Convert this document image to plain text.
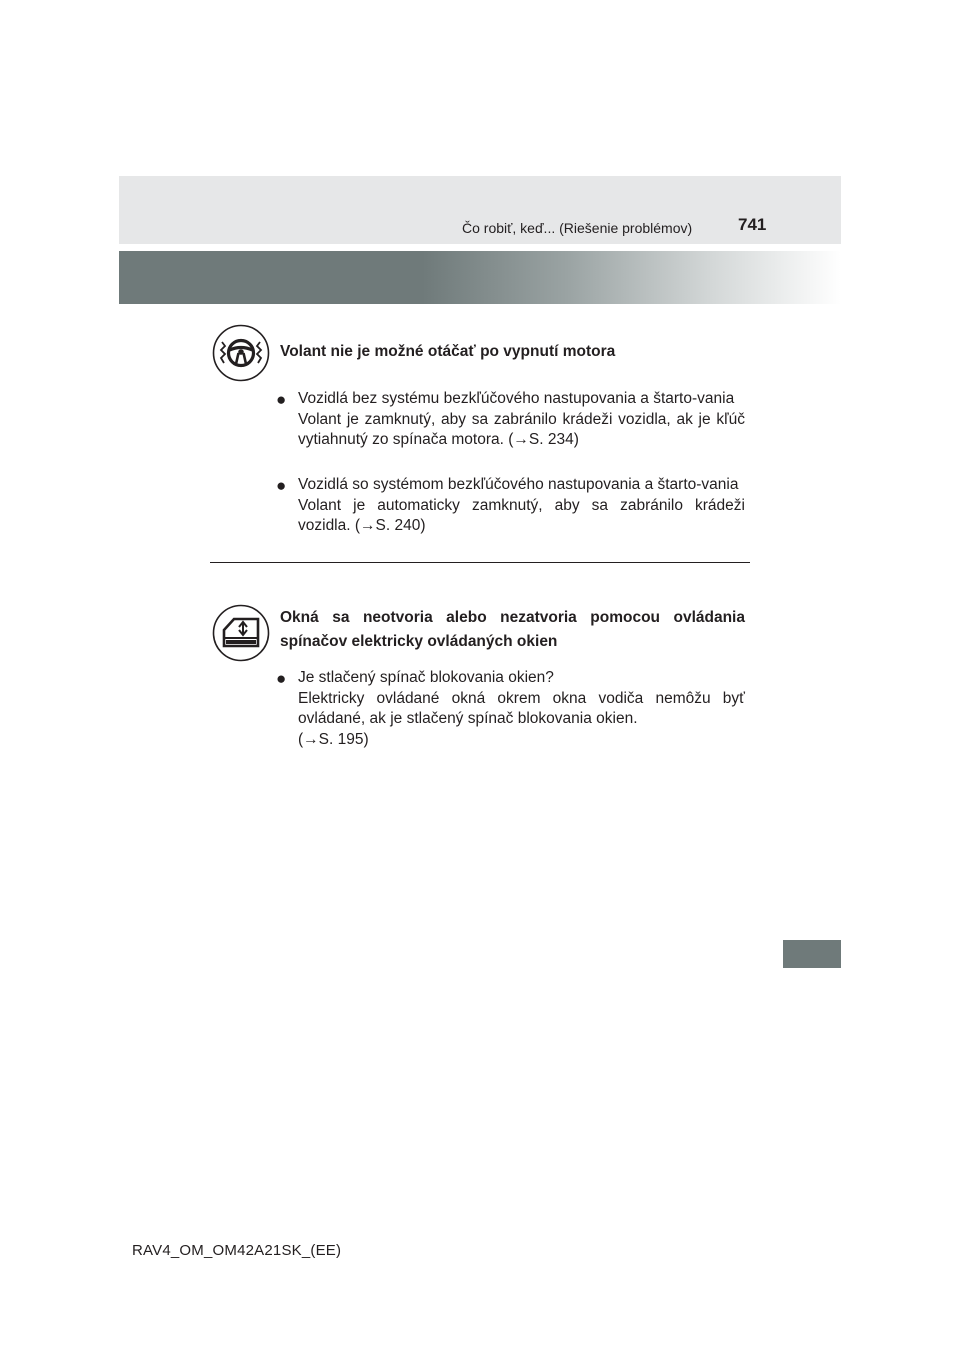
Čo robiť, keď... (Riešenie problémov)	741
Volant nie je možné otáčať po vypnutí motora
● Vozidlá bez systému bezkľúčového nastupovania a štarto-vania

Volant je zamknutý, aby sa zabránilo krádeži vozidla, ak je kľúč vytiahnutý zo spínača motora. (→S. 234)

● Vozidlá so systémom bezkľúčového nastupovania a štarto-vania

Volant je automaticky zamknutý, aby sa zabránilo krádeži vozidla. (→S. 240)

Okná sa neotvoria alebo nezatvoria pomocou ovládania spínačov elektricky ovládaných okien
● Je stlačený spínač blokovania okien?

Elektricky ovládané okná okrem okna vodiča nemôžu byť ovládané, ak je stlačený spínač blokovania okien.

(→S. 195)

RAV4_OM_OM42A21SK_(EE)
